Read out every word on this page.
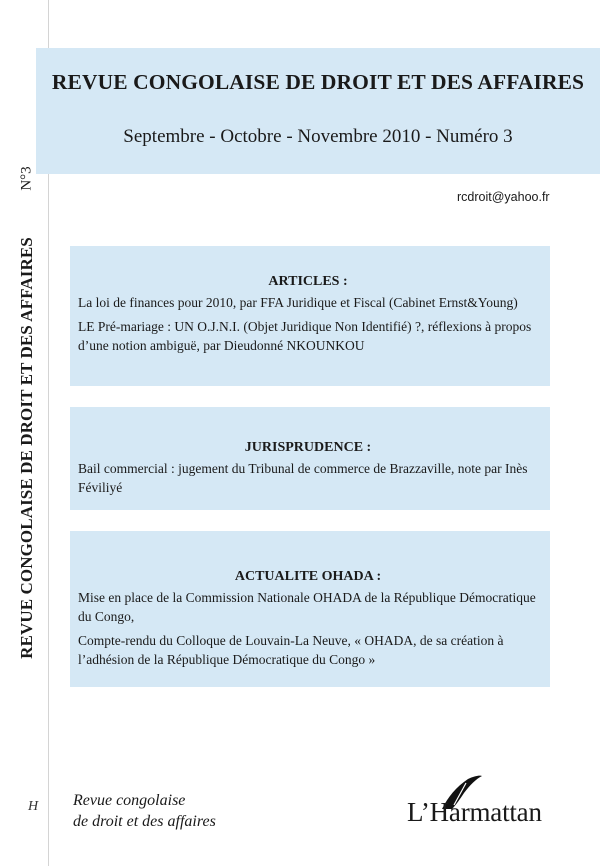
N°3
REVUE CONGOLAISE DE DROIT ET DES AFFAIRES
REVUE CONGOLAISE DE DROIT ET DES AFFAIRES
Septembre - Octobre - Novembre 2010 - Numéro 3
rcdroit@yahoo.fr
ARTICLES :
La loi de finances pour 2010, par FFA Juridique et Fiscal (Cabinet Ernst&Young)
LE Pré-mariage : UN O.J.N.I. (Objet Juridique Non Identifié) ?, réflexions à propos d’une notion ambiguë, par Dieudonné NKOUNKOU
JURISPRUDENCE :
Bail commercial : jugement du Tribunal de commerce de Brazzaville, note par Inès Féviliyé
ACTUALITE OHADA :
Mise en place de la Commission Nationale OHADA de la République Démocratique du Congo,
Compte-rendu du Colloque de Louvain-La Neuve, « OHADA, de sa création à l’adhésion de la République Démocratique du Congo »
H Revue congolaise
de droit et des affaires	L’Harmattan
